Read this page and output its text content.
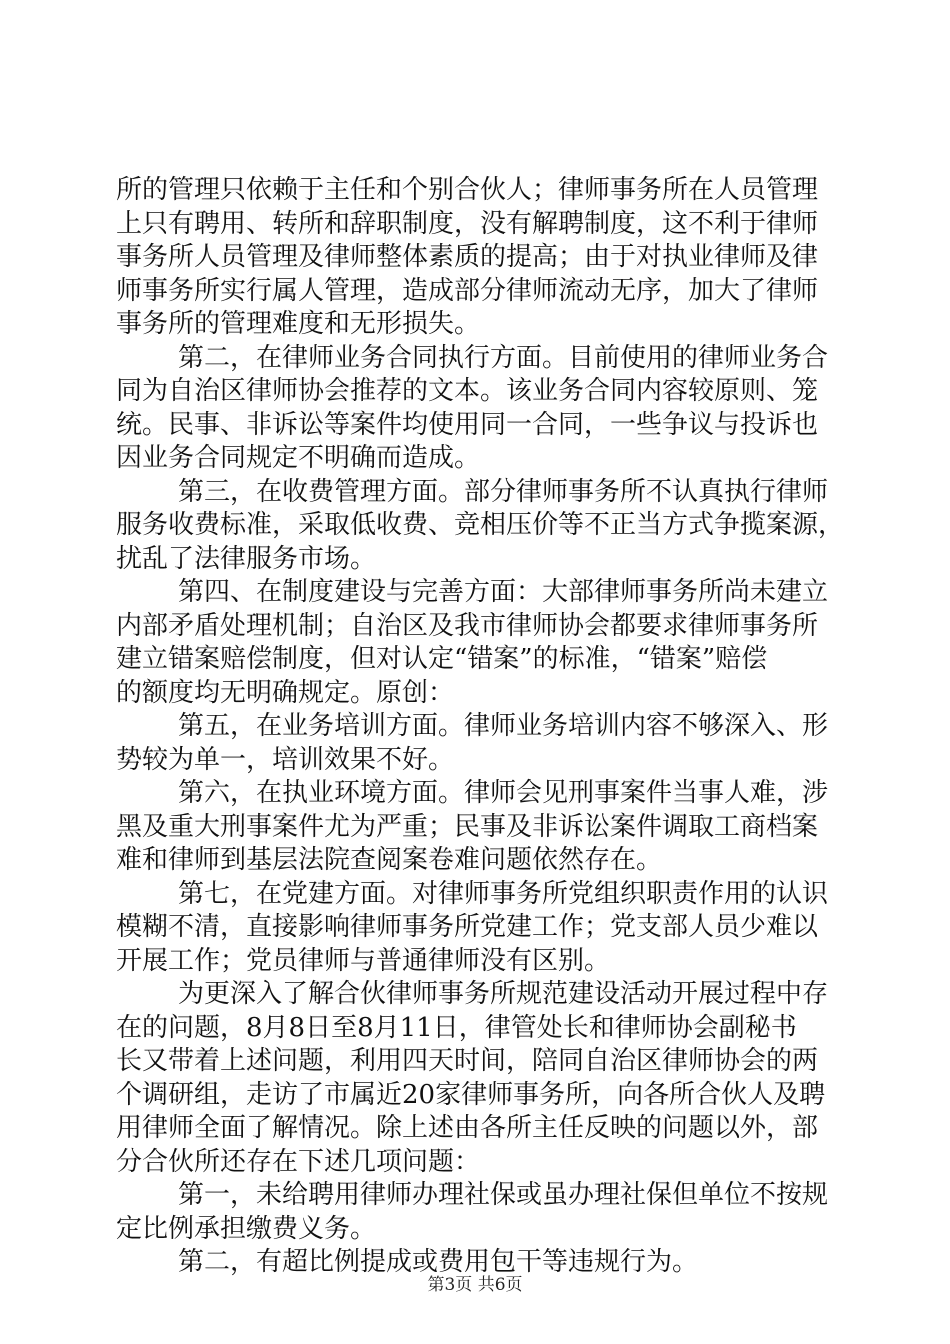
所的管理只依赖于主任和个别合伙人；律师事务所在人员管理
上只有聘用、转所和辞职制度，没有解聘制度，这不利于律师
事务所人员管理及律师整体素质的提高；由于对执业律师及律
师事务所实行属人管理，造成部分律师流动无序，加大了律师
事务所的管理难度和无形损失。
第二，在律师业务合同执行方面。目前使用的律师业务合
同为自治区律师协会推荐的文本。该业务合同内容较原则、笼
统。民事、非诉讼等案件均使用同一合同，一些争议与投诉也
因业务合同规定不明确而造成。
第三，在收费管理方面。部分律师事务所不认真执行律师
服务收费标准，采取低收费、竞相压价等不正当方式争揽案源，
扰乱了法律服务市场。
第四、在制度建设与完善方面：大部律师事务所尚未建立
内部矛盾处理机制；自治区及我市律师协会都要求律师事务所
建立错案赔偿制度，但对认定“错案”的标准，“错案”赔偿
的额度均无明确规定。原创：
第五，在业务培训方面。律师业务培训内容不够深入、形
势较为单一，培训效果不好。
第六，在执业环境方面。律师会见刑事案件当事人难，涉
黑及重大刑事案件尤为严重；民事及非诉讼案件调取工商档案
难和律师到基层法院查阅案卷难问题依然存在。
第七，在党建方面。对律师事务所党组织职责作用的认识
模糊不清，直接影响律师事务所党建工作；党支部人员少难以
开展工作；党员律师与普通律师没有区别。
为更深入了解合伙律师事务所规范建设活动开展过程中存
在的问题，8月8日至8月11日，律管处长和律师协会副秘书
长又带着上述问题，利用四天时间，陪同自治区律师协会的两
个调研组，走访了市属近20家律师事务所，向各所合伙人及聘
用律师全面了解情况。除上述由各所主任反映的问题以外，部
分合伙所还存在下述几项问题：
第一，未给聘用律师办理社保或虽办理社保但单位不按规
定比例承担缴费义务。
第二，有超比例提成或费用包干等违规行为。
第3页 共6页
